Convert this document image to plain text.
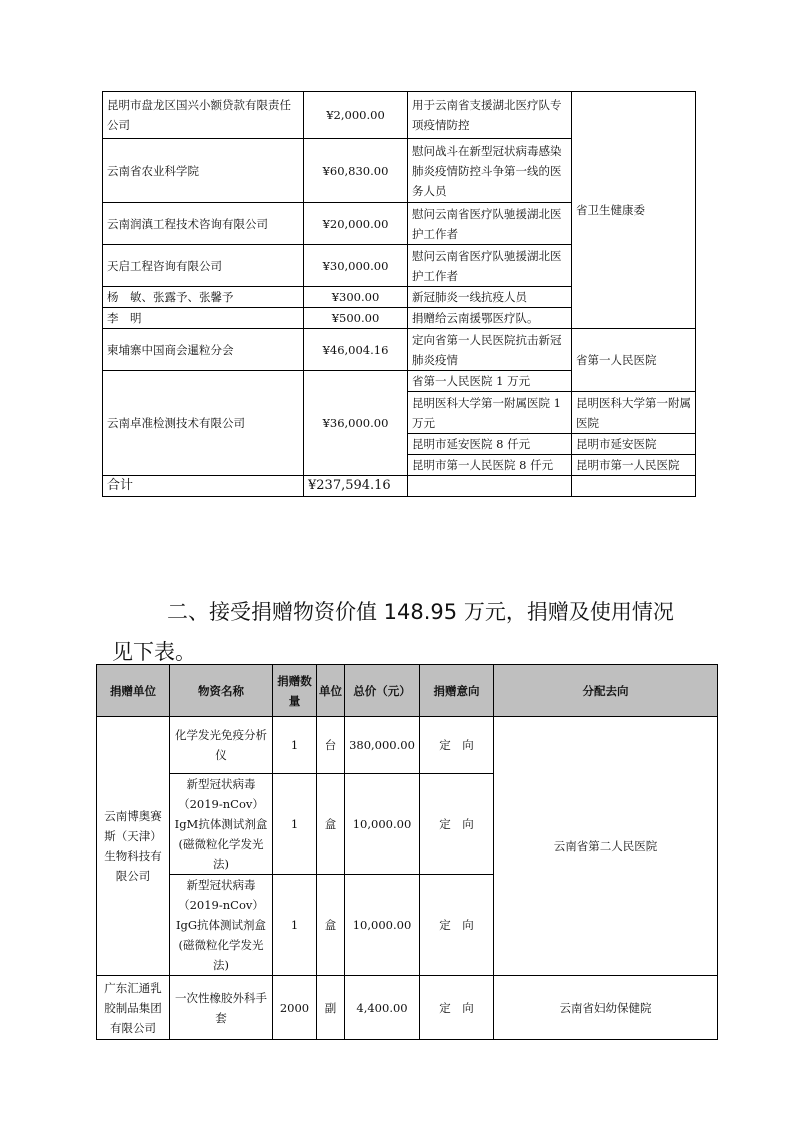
昆明市盘龙区国兴小额贷款有限责任公司	¥2,000.00	用于云南省支援湖北医疗队专项疫情防控	省卫生健康委
云南省农业科学院	¥60,830.00	慰问战斗在新型冠状病毒感染肺炎疫情防控斗争第一线的医务人员	
云南润滇工程技术咨询有限公司	¥20,000.00	慰问云南省医疗队驰援湖北医护工作者	
天启工程咨询有限公司	¥30,000.00	慰问云南省医疗队驰援湖北医护工作者	
杨　敏、张露予、张馨予	¥300.00	新冠肺炎一线抗疫人员	
李　明	¥500.00	捐赠给云南援鄂医疗队。	
柬埔寨中国商会暹粒分会	¥46,004.16	定向省第一人民医院抗击新冠肺炎疫情	省第一人民医院
云南卓准检测技术有限公司	¥36,000.00	省第一人民医院 1 万元	
		昆明医科大学第一附属医院 1 万元	昆明医科大学第一附属医院
		昆明市延安医院 8 仟元	昆明市延安医院
		昆明市第一人民医院 8 仟元	昆明市第一人民医院
合计	¥237,594.16		
二、接受捐赠物资价值 148.95 万元，捐赠及使用情况
见下表。
捐赠单位	物资名称	捐赠数量	单位	总价（元）	捐赠意向	分配去向
云南博奥赛斯（天津）生物科技有限公司	化学发光免疫分析仪	1	台	380,000.00	定　向	云南省第二人民医院
	新型冠状病毒（2019-nCov）IgM抗体测试剂盒(磁微粒化学发光法)	1	盒	10,000.00	定　向	
	新型冠状病毒（2019-nCov）IgG抗体测试剂盒(磁微粒化学发光法)	1	盒	10,000.00	定　向	
广东汇通乳胶制品集团有限公司	一次性橡胶外科手套	2000	副	4,400.00	定　向	云南省妇幼保健院
